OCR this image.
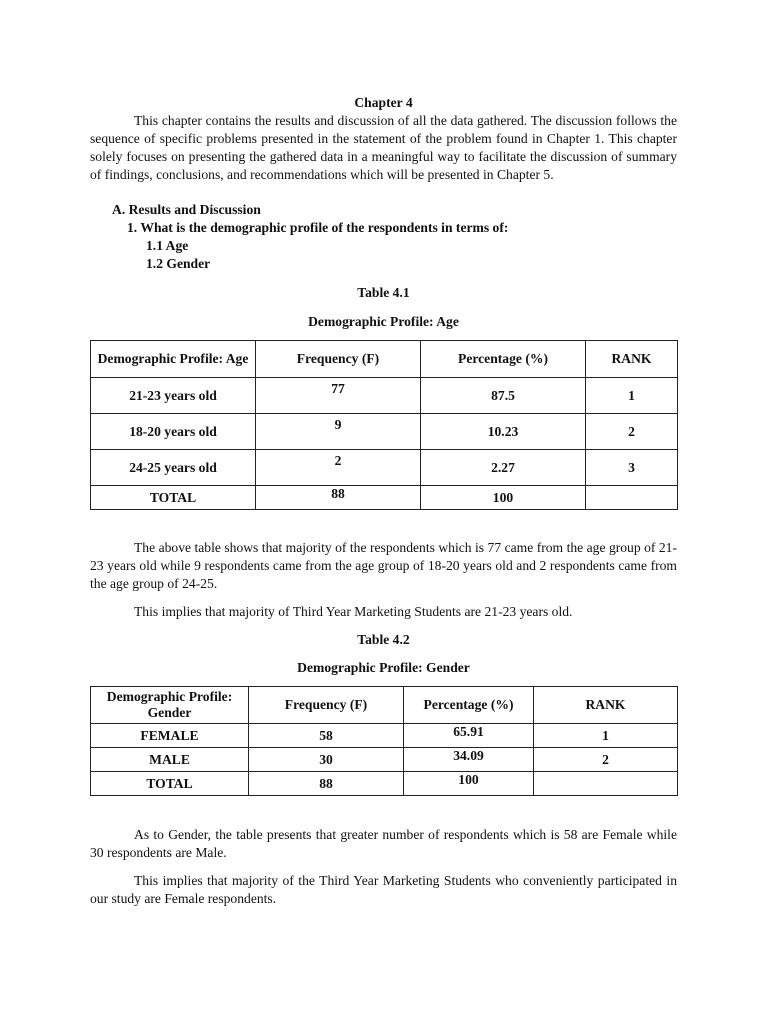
Chapter 4

This chapter contains the results and discussion of all the data gathered. The discussion follows the sequence of specific problems presented in the statement of the problem found in Chapter 1. This chapter solely focuses on presenting the gathered data in a meaningful way to facilitate the discussion of summary of findings, conclusions, and recommendations which will be presented in Chapter 5.

A. Results and Discussion
1. What is the demographic profile of the respondents in terms of:
1.1 Age
1.2 Gender
Table 4.1
Demographic Profile: Age
Demographic Profile: Age	Frequency (F)	Percentage (%)	RANK
21-23 years old	77	87.5	1
18-20 years old	9	10.23	2
24-25 years old	2	2.27	3
TOTAL	88	100	

The above table shows that majority of the respondents which is 77 came from the age group of 21-23 years old while 9 respondents came from the age group of 18-20 years old and 2 respondents came from the age group of 24-25.

This implies that majority of Third Year Marketing Students are 21-23 years old.

Table 4.2
Demographic Profile: Gender
Demographic Profile: Gender	Frequency (F)	Percentage (%)	RANK
FEMALE	58	65.91	1
MALE	30	34.09	2
TOTAL	88	100	

As to Gender, the table presents that greater number of respondents which is 58 are Female while 30 respondents are Male.

This implies that majority of the Third Year Marketing Students who conveniently participated in our study are Female respondents.
